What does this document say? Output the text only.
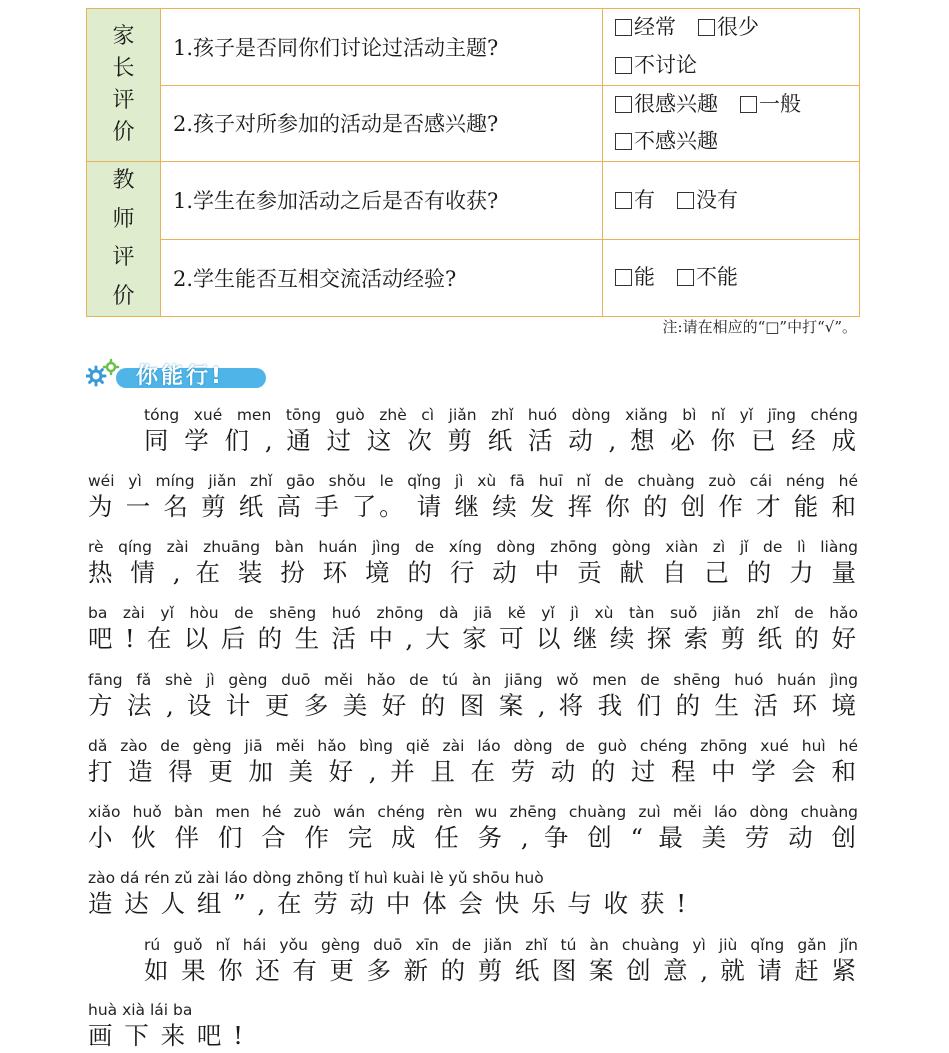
家
长
评
价	1.孩子是否同你们讨论过活动主题?	经常 很少
不讨论
	2.孩子对所参加的活动是否感兴趣?	很感兴趣 一般
不感兴趣

教
师
评
价	1.学生在参加活动之后是否有收获?	有 没有
	2.学生能否互相交流活动经验?	能 不能
注:请在相应的“□”中打“√”。
你能行!
tóng xué men tōng guò zhè cì jiǎn zhǐ huó dòng xiǎng bì nǐ yǐ jīng chéng
同 学 们 , 通 过 这 次 剪 纸 活 动 , 想 必 你 已 经 成
wéi yì míng jiǎn zhǐ gāo shǒu le qǐng jì xù fā huī nǐ de chuàng zuò cái néng hé
为 一 名 剪 纸 高 手 了。 请 继 续 发 挥 你 的 创 作 才 能 和
rè qíng zài zhuāng bàn huán jìng de xíng dòng zhōng gòng xiàn zì jǐ de lì liàng
热 情 , 在 装 扮 环 境 的 行 动 中 贡 献 自 己 的 力 量
ba zài yǐ hòu de shēng huó zhōng dà jiā kě yǐ jì xù tàn suǒ jiǎn zhǐ de hǎo
吧 ! 在 以 后 的 生 活 中 , 大 家 可 以 继 续 探 索 剪 纸 的 好
fāng fǎ shè jì gèng duō měi hǎo de tú àn jiāng wǒ men de shēng huó huán jìng
方 法 , 设 计 更 多 美 好 的 图 案 , 将 我 们 的 生 活 环 境
dǎ zào de gèng jiā měi hǎo bìng qiě zài láo dòng de guò chéng zhōng xué huì hé
打 造 得 更 加 美 好 , 并 且 在 劳 动 的 过 程 中 学 会 和
xiǎo huǒ bàn men hé zuò wán chéng rèn wu zhēng chuàng zuì měi láo dòng chuàng
小 伙 伴 们 合 作 完 成 任 务 , 争 创 “ 最 美 劳 动 创
zào dá rén zǔ zài láo dòng zhōng tǐ huì kuài lè yǔ shōu huò
造 达 人 组 ” , 在 劳 动 中 体 会 快 乐 与 收 获 !
rú guǒ nǐ hái yǒu gèng duō xīn de jiǎn zhǐ tú àn chuàng yì jiù qǐng gǎn jǐn
如 果 你 还 有 更 多 新 的 剪 纸 图 案 创 意 , 就 请 赶 紧
huà xià lái ba
画 下 来 吧 !
